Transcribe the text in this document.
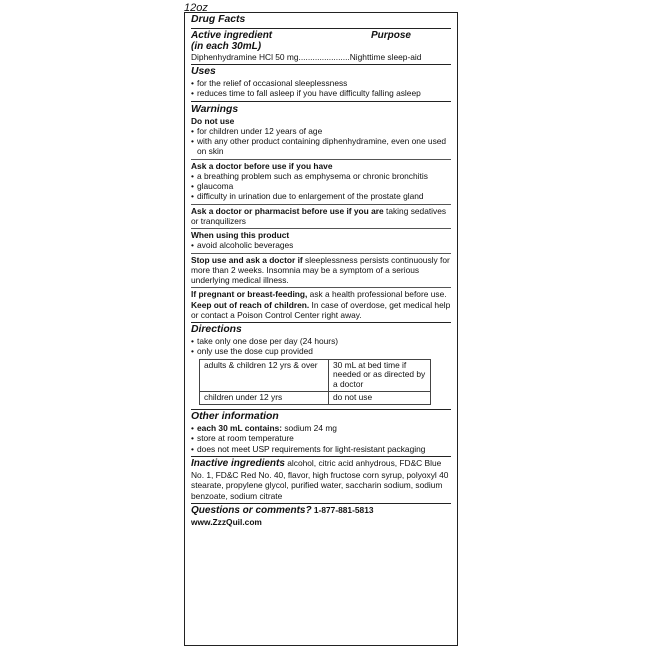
12oz
Drug Facts
Active ingredient	Purpose
(in each 30mL)
Diphenhydramine HCl 50 mg......................Nighttime sleep-aid
Uses
• for the relief of occasional sleeplessness
• reduces time to fall asleep if you have difficulty falling asleep
Warnings
Do not use
• for children under 12 years of age
• with any other product containing diphenhydramine, even one used on skin
Ask a doctor before use if you have
• a breathing problem such as emphysema or chronic bronchitis
• glaucoma
• difficulty in urination due to enlargement of the prostate gland
Ask a doctor or pharmacist before use if you are taking sedatives or tranquilizers
When using this product
• avoid alcoholic beverages
Stop use and ask a doctor if sleeplessness persists continuously for more than 2 weeks. Insomnia may be a symptom of a serious underlying medical illness.
If pregnant or breast-feeding, ask a health professional before use.
Keep out of reach of children. In case of overdose, get medical help or contact a Poison Control Center right away.
Directions
• take only one dose per day (24 hours)
• only use the dose cup provided
adults & children 12 yrs & over	30 mL at bed time if needed or as directed by a doctor
children under 12 yrs	do not use
Other information
• each 30 mL contains: sodium 24 mg
• store at room temperature
• does not meet USP requirements for light-resistant packaging
Inactive ingredients alcohol, citric acid anhydrous, FD&C Blue No. 1, FD&C Red No. 40, flavor, high fructose corn syrup, polyoxyl 40 stearate, propylene glycol, purified water, saccharin sodium, sodium benzoate, sodium citrate
Questions or comments? 1-877-881-5813
www.ZzzQuil.com
